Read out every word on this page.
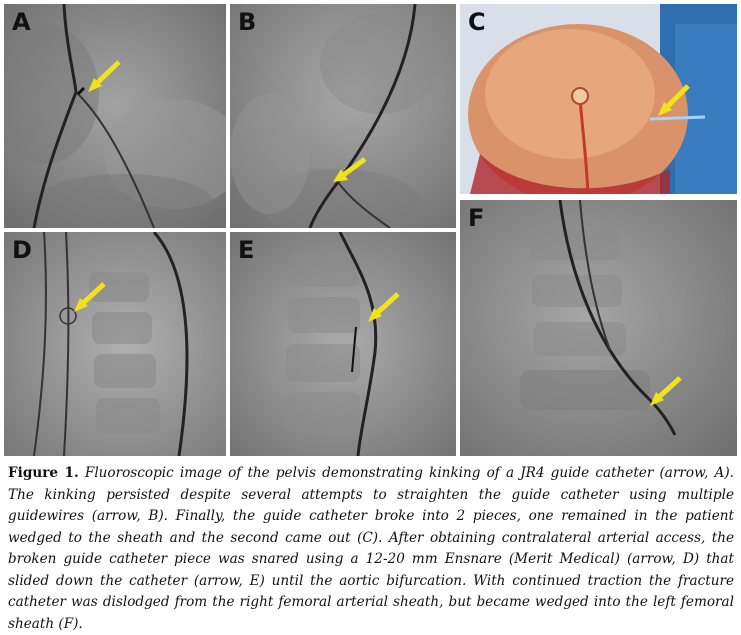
A	B	C
D	E
F
Figure 1. Fluoroscopic image of the pelvis demonstrating kinking of a JR4 guide catheter (arrow, A). The kinking persisted despite several attempts to straighten the guide catheter using multiple guidewires (arrow, B). Finally, the guide catheter broke into 2 pieces, one remained in the patient wedged to the sheath and the second came out (C). After obtaining contralateral arterial access, the broken guide catheter piece was snared using a 12-20 mm Ensnare (Merit Medical) (arrow, D) that slided down the catheter (arrow, E) until the aortic bifurcation. With continued traction the fracture catheter was dislodged from the right femoral arterial sheath, but became wedged into the left femoral sheath (F).
